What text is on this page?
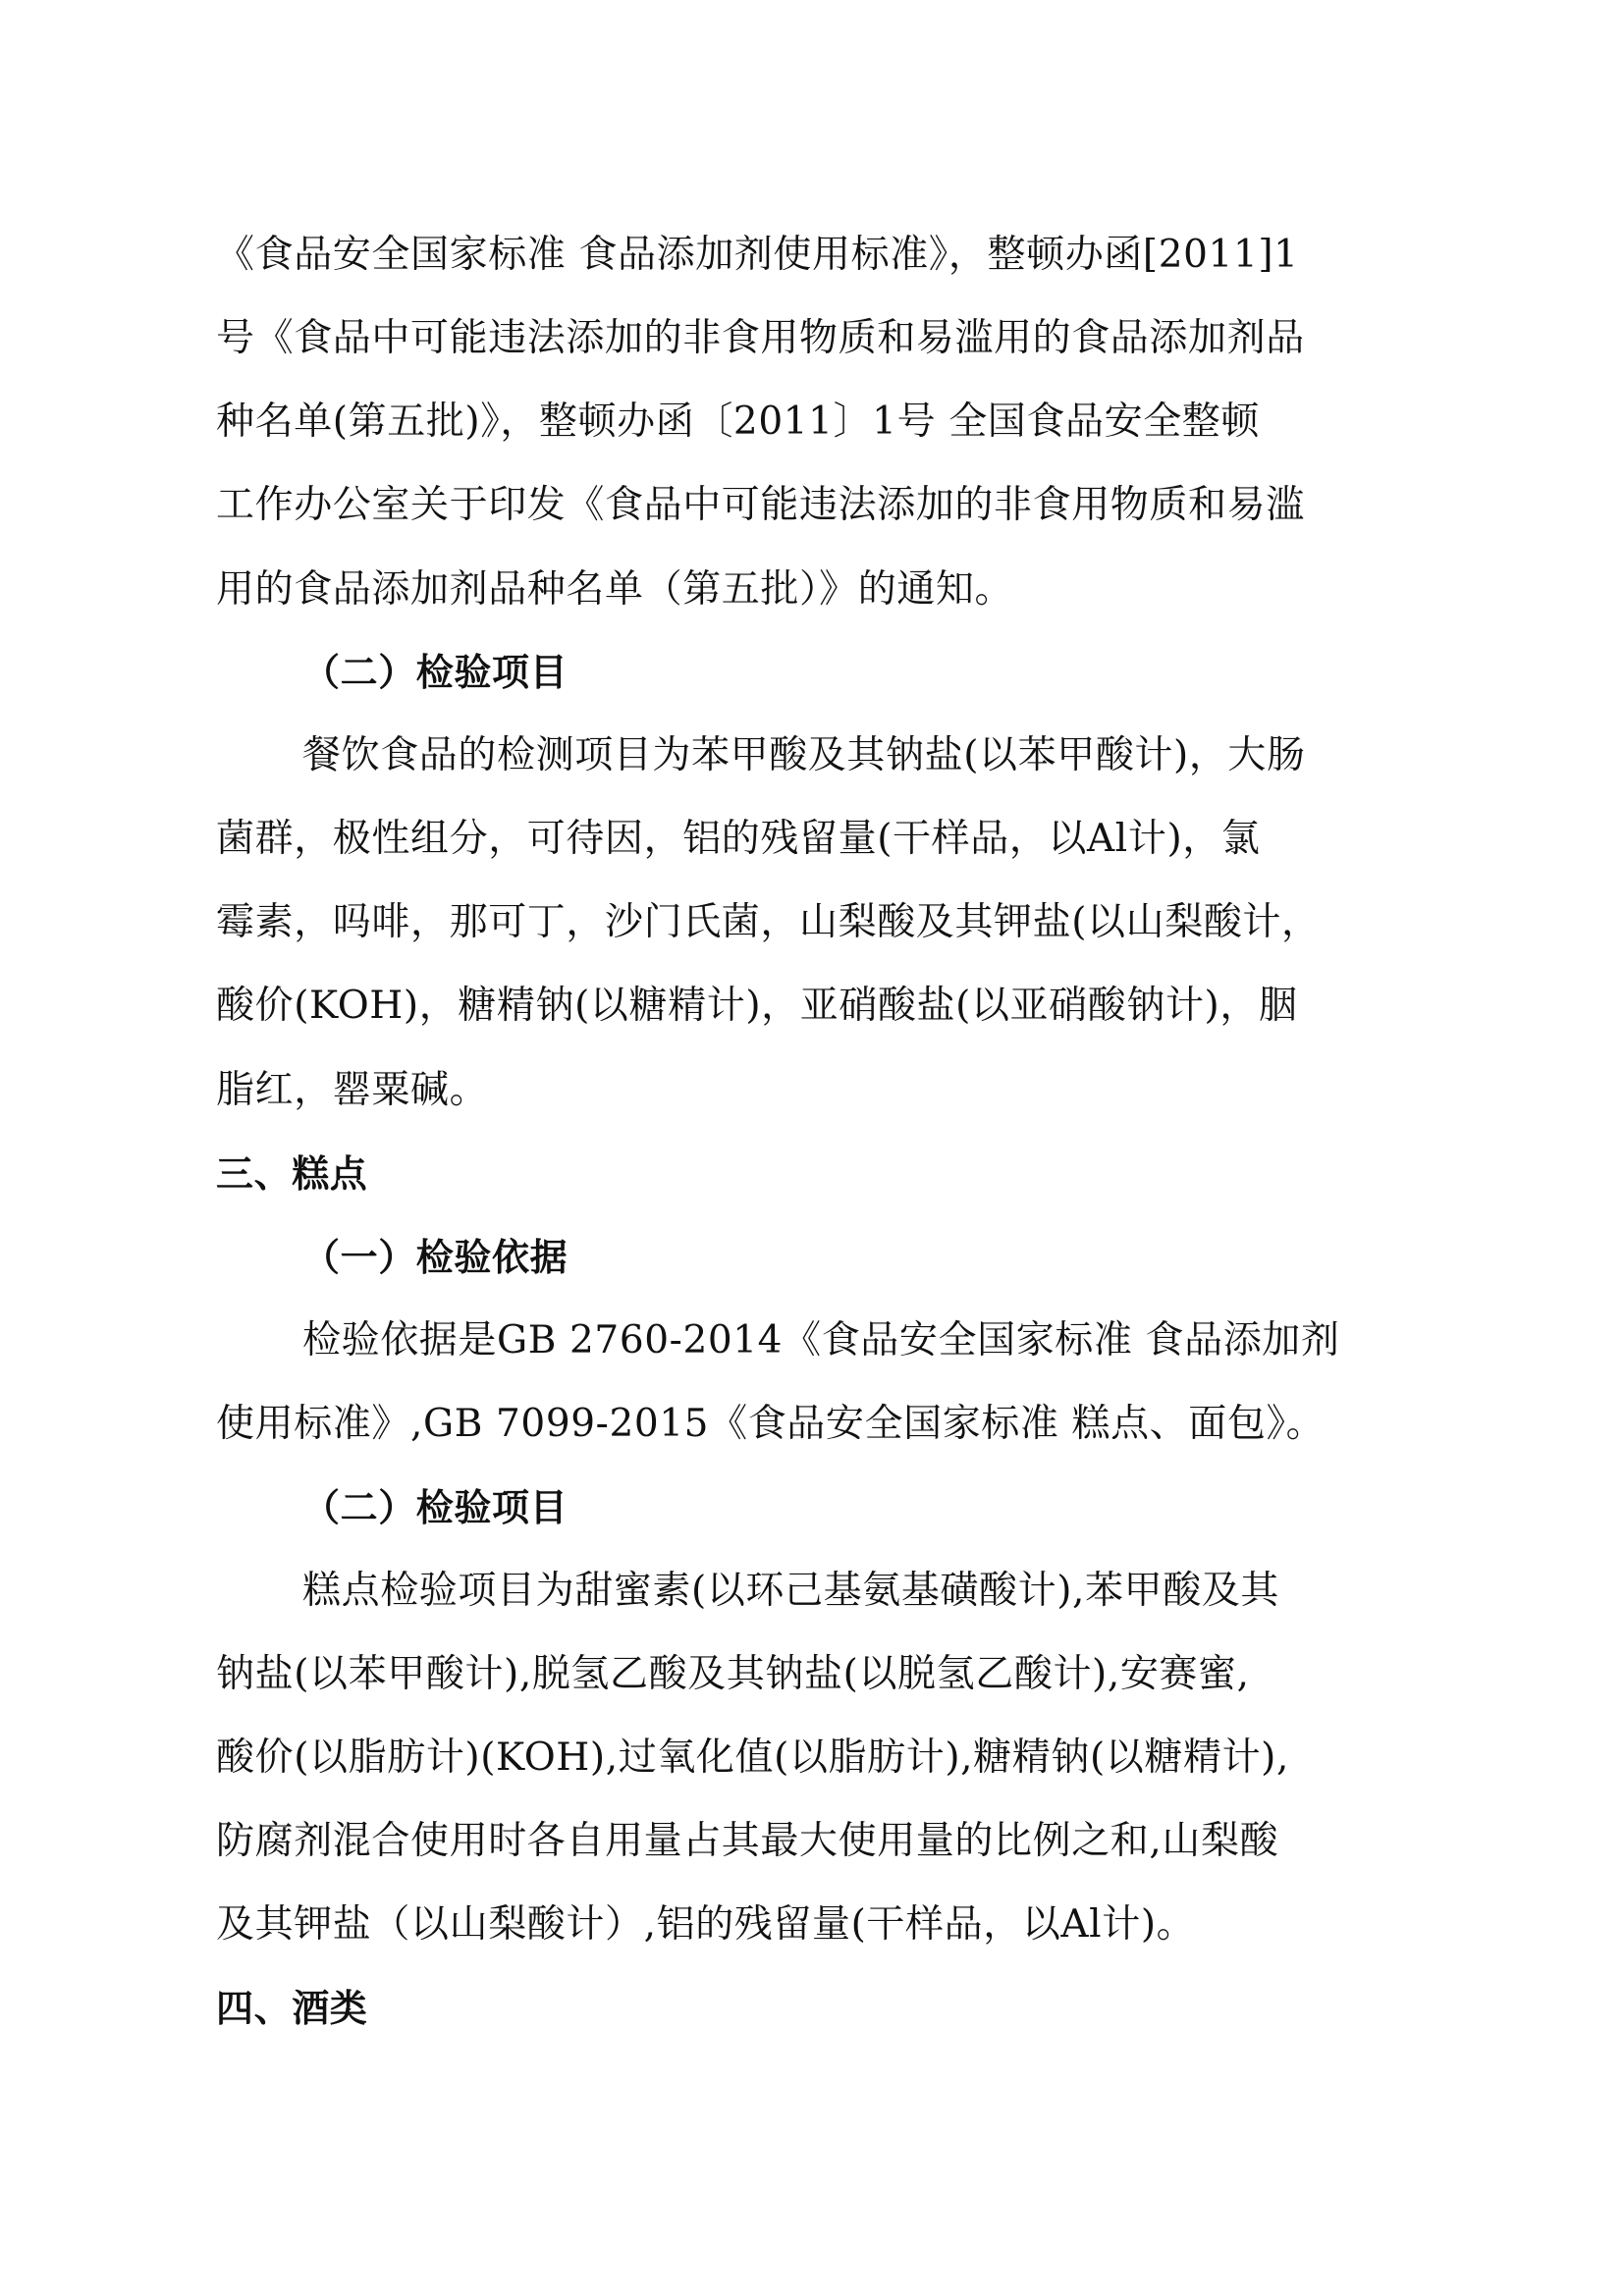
《食品安全国家标准 食品添加剂使用标准》，整顿办函[2011]1
号《食品中可能违法添加的非食用物质和易滥用的食品添加剂品
种名单(第五批)》，整顿办函〔2011〕1号 全国食品安全整顿
工作办公室关于印发《食品中可能违法添加的非食用物质和易滥
用的食品添加剂品种名单（第五批）》的通知。
（二）检验项目
餐饮食品的检测项目为苯甲酸及其钠盐(以苯甲酸计)，大肠
菌群，极性组分，可待因，铝的残留量(干样品，以Al计)，氯
霉素，吗啡，那可丁，沙门氏菌，山梨酸及其钾盐(以山梨酸计，
酸价(KOH)，糖精钠(以糖精计)，亚硝酸盐(以亚硝酸钠计)，胭
脂红，罂粟碱。
三、糕点
（一）检验依据
检验依据是GB 2760-2014《食品安全国家标准 食品添加剂
使用标准》,GB 7099-2015《食品安全国家标准 糕点、面包》。
（二）检验项目
糕点检验项目为甜蜜素(以环己基氨基磺酸计),苯甲酸及其
钠盐(以苯甲酸计),脱氢乙酸及其钠盐(以脱氢乙酸计),安赛蜜,
酸价(以脂肪计)(KOH),过氧化值(以脂肪计),糖精钠(以糖精计),
防腐剂混合使用时各自用量占其最大使用量的比例之和,山梨酸
及其钾盐（以山梨酸计）,铝的残留量(干样品，以Al计)。
四、酒类
